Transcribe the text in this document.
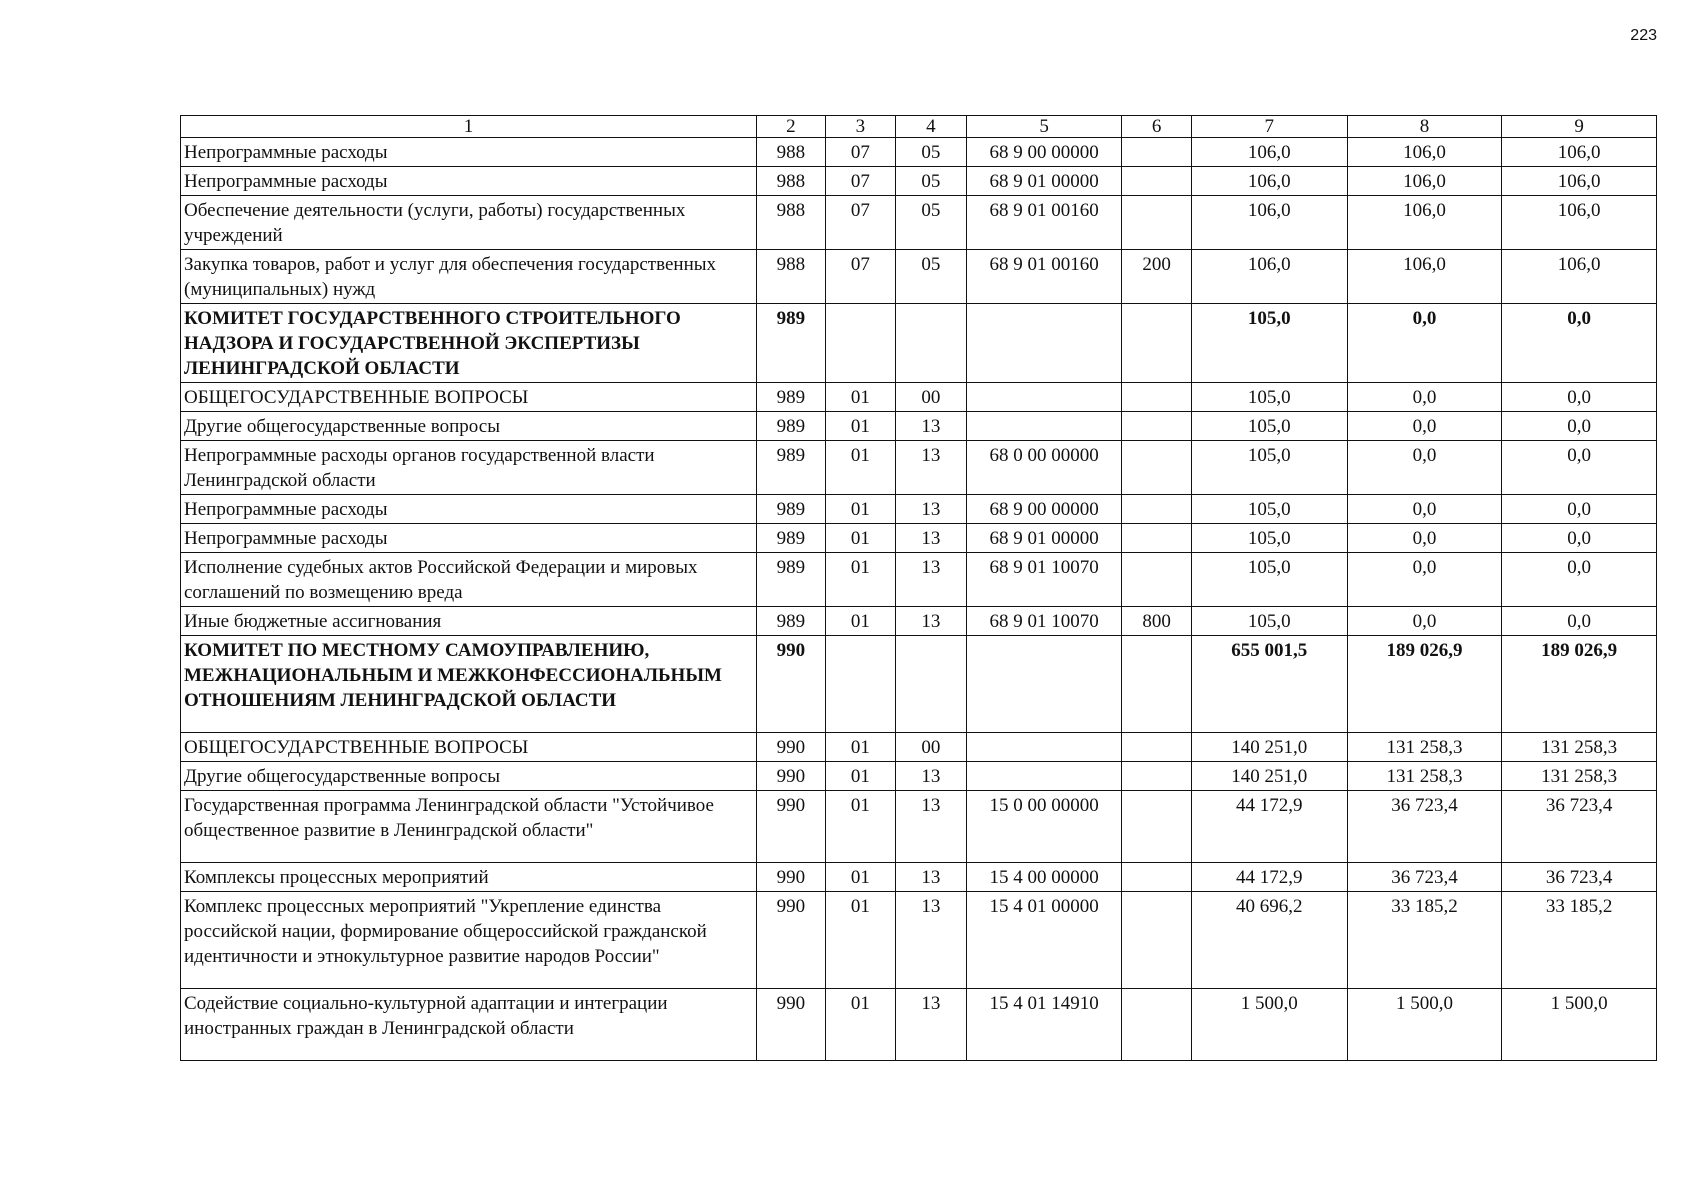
223
1	2	3	4	5	6	7	8	9
Непрограммные расходы	988	07	05	68 9 00 00000		106,0	106,0	106,0
Непрограммные расходы	988	07	05	68 9 01 00000		106,0	106,0	106,0
Обеспечение деятельности (услуги, работы) государственных учреждений	988	07	05	68 9 01 00160		106,0	106,0	106,0
Закупка товаров, работ и услуг для обеспечения государственных (муниципальных) нужд	988	07	05	68 9 01 00160	200	106,0	106,0	106,0
КОМИТЕТ ГОСУДАРСТВЕННОГО СТРОИТЕЛЬНОГО НАДЗОРА И ГОСУДАРСТВЕННОЙ ЭКСПЕРТИЗЫ ЛЕНИНГРАДСКОЙ ОБЛАСТИ	989					105,0	0,0	0,0
ОБЩЕГОСУДАРСТВЕННЫЕ ВОПРОСЫ	989	01	00			105,0	0,0	0,0
Другие общегосударственные вопросы	989	01	13			105,0	0,0	0,0
Непрограммные расходы органов государственной власти Ленинградской области	989	01	13	68 0 00 00000		105,0	0,0	0,0
Непрограммные расходы	989	01	13	68 9 00 00000		105,0	0,0	0,0
Непрограммные расходы	989	01	13	68 9 01 00000		105,0	0,0	0,0
Исполнение судебных актов Российской Федерации и мировых соглашений по возмещению вреда	989	01	13	68 9 01 10070		105,0	0,0	0,0
Иные бюджетные ассигнования	989	01	13	68 9 01 10070	800	105,0	0,0	0,0
КОМИТЕТ ПО МЕСТНОМУ САМОУПРАВЛЕНИЮ, МЕЖНАЦИОНАЛЬНЫМ И МЕЖКОНФЕССИОНАЛЬНЫМ ОТНОШЕНИЯМ ЛЕНИНГРАДСКОЙ ОБЛАСТИ	990					655 001,5	189 026,9	189 026,9
ОБЩЕГОСУДАРСТВЕННЫЕ ВОПРОСЫ	990	01	00			140 251,0	131 258,3	131 258,3
Другие общегосударственные вопросы	990	01	13			140 251,0	131 258,3	131 258,3
Государственная программа Ленинградской области "Устойчивое общественное развитие в Ленинградской области"	990	01	13	15 0 00 00000		44 172,9	36 723,4	36 723,4
Комплексы процессных мероприятий	990	01	13	15 4 00 00000		44 172,9	36 723,4	36 723,4
Комплекс процессных мероприятий "Укрепление единства российской нации, формирование общероссийской гражданской идентичности и этнокультурное развитие народов России"	990	01	13	15 4 01 00000		40 696,2	33 185,2	33 185,2
Содействие социально-культурной адаптации и интеграции иностранных граждан в Ленинградской области	990	01	13	15 4 01 14910		1 500,0	1 500,0	1 500,0
